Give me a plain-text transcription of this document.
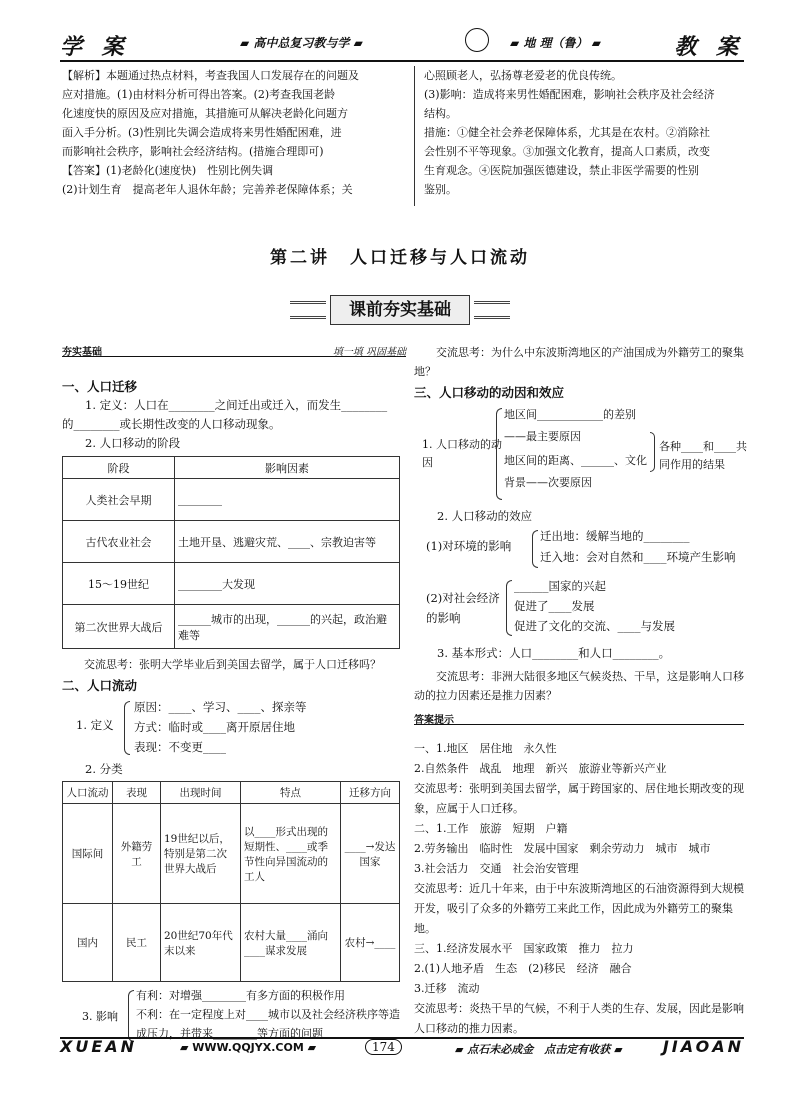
学 案	▰ 高中总复习教与学 ▰	▰ 地 理（鲁） ▰	教 案

【解析】本题通过热点材料，考查我国人口发展存在的问题及

应对措施。(1)由材料分析可得出答案。(2)考查我国老龄

化速度快的原因及应对措施，其措施可从解决老龄化问题方

面入手分析。(3)性别比失调会造成将来男性婚配困难，进

而影响社会秩序，影响社会经济结构。(措施合理即可)

【答案】(1)老龄化(速度快)　性别比例失调

(2)计划生育　提高老年人退休年龄；完善养老保障体系；关

心照顾老人，弘扬尊老爱老的优良传统。

(3)影响：造成将来男性婚配困难，影响社会秩序及社会经济

结构。

措施：①健全社会养老保障体系，尤其是在农村。②消除社

会性别不平等现象。③加强文化教育，提高人口素质，改变

生育观念。④医院加强医德建设，禁止非医学需要的性别

鉴别。

第二讲　人口迁移与人口流动
课前夯实基础
夯实基础	填一填 巩固基础

一、人口迁移

1. 定义：人口在________之间迁出或迁入，而发生________

的________或长期性改变的人口移动现象。

2. 人口移动的阶段

阶段	影响因素
人类社会早期	________
古代农业社会	土地开垦、逃避灾荒、____、宗教迫害等
15～19世纪	________大发现
第二次世界大战后	______城市的出现，______的兴起，政治避难等

交流思考：张明大学毕业后到美国去留学，属于人口迁移吗？

二、人口流动

1. 定义

原因：____、学习、____、探亲等

方式：临时或____离开原居住地

表现：不变更____

2. 分类

人口流动	表现	出现时间	特点	迁移方向
国际间	外籍劳工	19世纪以后，特别是第二次世界大战后	以____形式出现的短期性、____或季节性向异国流动的工人	____→发达国家
国内	民工	20世纪70年代末以来	农村大量____涌向____谋求发展	农村→____
3. 影响

有利：对增强________有多方面的积极作用

不利：在一定程度上对____城市以及社会经济秩序等造成压力，并带来________等方面的问题

交流思考：为什么中东波斯湾地区的产油国成为外籍劳工的聚集地？

三、人口移动的动因和效应

1. 人口移动的动因

地区间____________的差别——最主要原因

地区间的距离、______、文化背景——次要原因

各种____和____共同作用的结果

2. 人口移动的效应

(1)对环境的影响

迁出地：缓解当地的________

迁入地：会对自然和____环境产生影响

(2)对社会经济的影响

______国家的兴起

促进了____发展

促进了文化的交流、____与发展

3. 基本形式：人口________和人口________。

交流思考：非洲大陆很多地区气候炎热、干旱，这是影响人口移动的拉力因素还是推力因素？

答案提示

一、1.地区　居住地　永久性

2.自然条件　战乱　地理　新兴　旅游业等新兴产业

交流思考：张明到美国去留学，属于跨国家的、居住地长期改变的现象，应属于人口迁移。

二、1.工作　旅游　短期　户籍

2.劳务输出　临时性　发展中国家　剩余劳动力　城市　城市

3.社会活力　交通　社会治安管理

交流思考：近几十年来，由于中东波斯湾地区的石油资源得到大规模开发，吸引了众多的外籍劳工来此工作，因此成为外籍劳工的聚集地。

三、1.经济发展水平　国家政策　推力　拉力

2.(1)人地矛盾　生态　(2)移民　经济　融合

3.迁移　流动

交流思考：炎热干旱的气候，不利于人类的生存、发展，因此是影响人口移动的推力因素。

XUEAN	▰ WWW.QQJYX.COM ▰	174	▰ 点石未必成金　点击定有收获 ▰	JIAOAN
